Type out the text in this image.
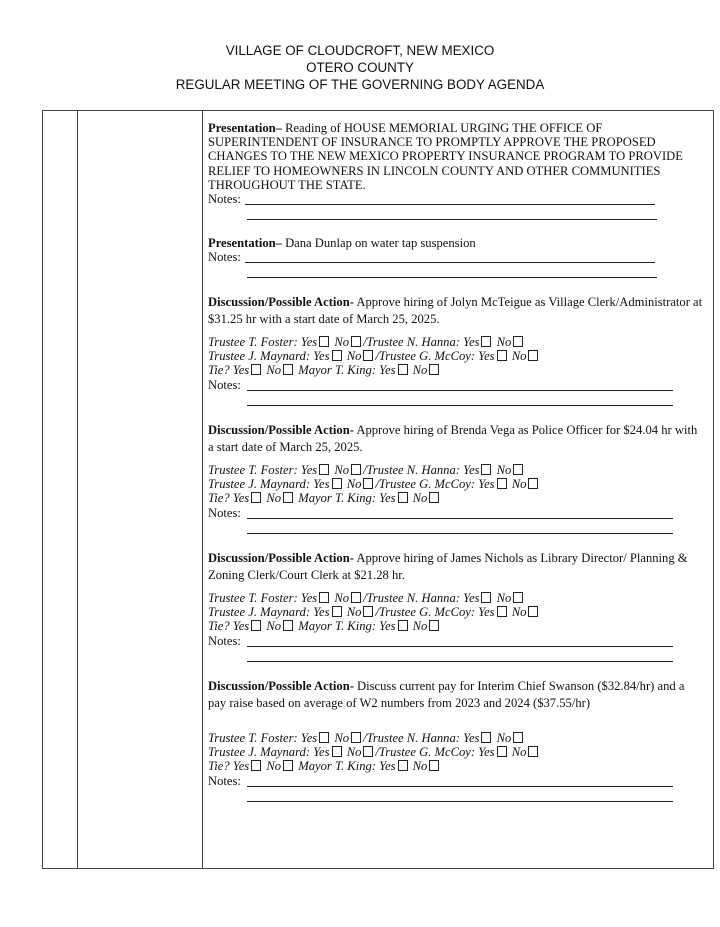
VILLAGE OF CLOUDCROFT, NEW MEXICO
OTERO COUNTY
REGULAR MEETING OF THE GOVERNING BODY AGENDA

Presentation– Reading of HOUSE MEMORIAL URGING THE OFFICE OF SUPERINTENDENT OF INSURANCE TO PROMPTLY APPROVE THE PROPOSED CHANGES TO THE NEW MEXICO PROPERTY INSURANCE PROGRAM TO PROVIDE RELIEF TO HOMEOWNERS IN LINCOLN COUNTY AND OTHER COMMUNITIES THROUGHOUT THE STATE.

Notes:

Presentation– Dana Dunlap on water tap suspension

Notes:

Discussion/Possible Action- Approve hiring of Jolyn McTeigue as Village Clerk/Administrator at $31.25 hr with a start date of March 25, 2025.

Trustee T. Foster: Yes No /Trustee N. Hanna: Yes No
Trustee J. Maynard: Yes No /Trustee G. McCoy: Yes No
Tie? Yes No Mayor T. King: Yes No
Notes:

Discussion/Possible Action- Approve hiring of Brenda Vega as Police Officer for $24.04 hr with a start date of March 25, 2025.

Trustee T. Foster: Yes No /Trustee N. Hanna: Yes No
Trustee J. Maynard: Yes No /Trustee G. McCoy: Yes No
Tie? Yes No Mayor T. King: Yes No
Notes:

Discussion/Possible Action- Approve hiring of James Nichols as Library Director/ Planning & Zoning Clerk/Court Clerk at $21.28 hr.

Trustee T. Foster: Yes No /Trustee N. Hanna: Yes No
Trustee J. Maynard: Yes No /Trustee G. McCoy: Yes No
Tie? Yes No Mayor T. King: Yes No
Notes:

Discussion/Possible Action- Discuss current pay for Interim Chief Swanson ($32.84/hr) and a pay raise based on average of W2 numbers from 2023 and 2024 ($37.55/hr)

Trustee T. Foster: Yes No /Trustee N. Hanna: Yes No
Trustee J. Maynard: Yes No /Trustee G. McCoy: Yes No
Tie? Yes No Mayor T. King: Yes No
Notes:
